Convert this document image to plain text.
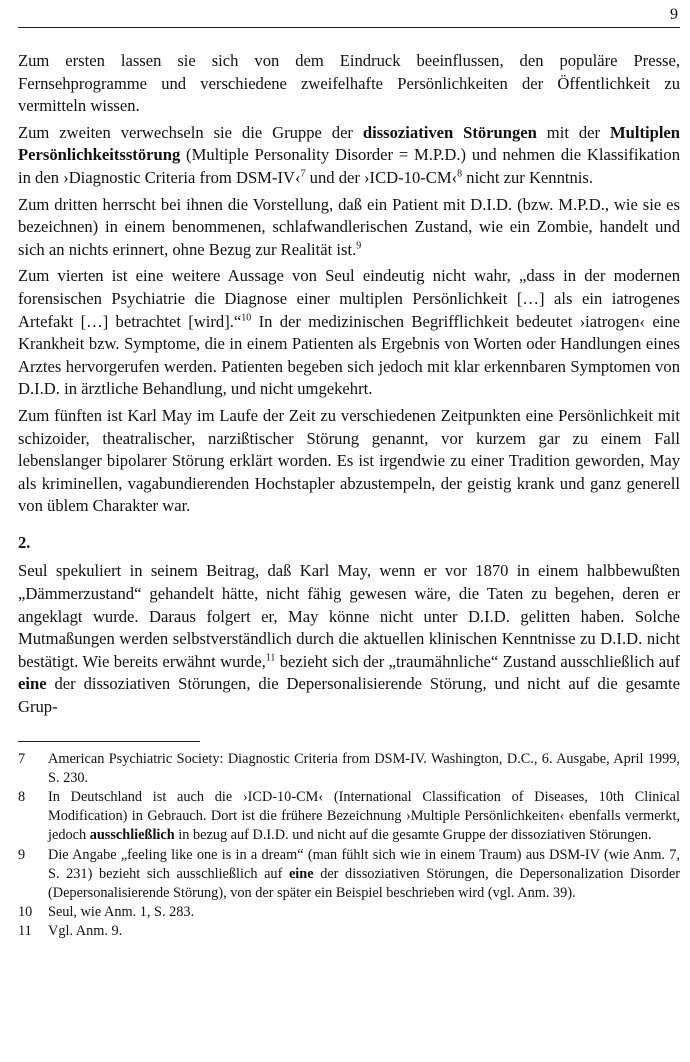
9

Zum ersten lassen sie sich von dem Eindruck beeinflussen, den populäre Presse, Fernsehprogramme und verschiedene zweifelhafte Persönlichkeiten der Öffentlichkeit zu vermitteln wissen.

Zum zweiten verwechseln sie die Gruppe der dissoziativen Störungen mit der Multiplen Persönlichkeitsstörung (Multiple Personality Disorder = M.P.D.) und nehmen die Klassifikation in den ›Diagnostic Criteria from DSM-IV‹$^7$ und der ›ICD-10-CM‹$^8$ nicht zur Kenntnis.

Zum dritten herrscht bei ihnen die Vorstellung, daß ein Patient mit D.I.D. (bzw. M.P.D., wie sie es bezeichnen) in einem benommenen, schlafwandlerischen Zustand, wie ein Zombie, handelt und sich an nichts erinnert, ohne Bezug zur Realität ist.$^9$

Zum vierten ist eine weitere Aussage von Seul eindeutig nicht wahr, „dass in der modernen forensischen Psychiatrie die Diagnose einer multiplen Persönlichkeit […] als ein iatrogenes Artefakt […] betrachtet [wird].“$^{10}$ In der medizinischen Begrifflichkeit bedeutet ›iatrogen‹ eine Krankheit bzw. Symptome, die in einem Patienten als Ergebnis von Worten oder Handlungen eines Arztes hervorgerufen werden. Patienten begeben sich jedoch mit klar erkennbaren Symptomen von D.I.D. in ärztliche Behandlung, und nicht umgekehrt.

Zum fünften ist Karl May im Laufe der Zeit zu verschiedenen Zeitpunkten eine Persönlichkeit mit schizoider, theatralischer, narzißtischer Störung genannt, vor kurzem gar zu einem Fall lebenslanger bipolarer Störung erklärt worden. Es ist irgendwie zu einer Tradition geworden, May als kriminellen, vagabundierenden Hochstapler abzustempeln, der geistig krank und ganz generell von üblem Charakter war.

2.

Seul spekuliert in seinem Beitrag, daß Karl May, wenn er vor 1870 in einem halbbewußten „Dämmerzustand“ gehandelt hätte, nicht fähig gewesen wäre, die Taten zu begehen, deren er angeklagt wurde. Daraus folgert er, May könne nicht unter D.I.D. gelitten haben. Solche Mutmaßungen werden selbstverständlich durch die aktuellen klinischen Kenntnisse zu D.I.D. nicht bestätigt. Wie bereits erwähnt wurde,$^{11}$ bezieht sich der „traumähnliche“ Zustand ausschließlich auf eine der dissoziativen Störungen, die Depersonalisierende Störung, und nicht auf die gesamte Grup-

7	American Psychiatric Society: Diagnostic Criteria from DSM-IV. Washington, D.C., 6. Ausgabe, April 1999, S. 230.
8	In Deutschland ist auch die ›ICD-10-CM‹ (International Classification of Diseases, 10th Clinical Modification) in Gebrauch. Dort ist die frühere Bezeichnung ›Multiple Persönlichkeiten‹ ebenfalls vermerkt, jedoch ausschließlich in bezug auf D.I.D. und nicht auf die gesamte Gruppe der dissoziativen Störungen.
9	Die Angabe „feeling like one is in a dream“ (man fühlt sich wie in einem Traum) aus DSM-IV (wie Anm. 7, S. 231) bezieht sich ausschließlich auf eine der dissoziativen Störungen, die Depersonalization Disorder (Depersonalisierende Störung), von der später ein Beispiel beschrieben wird (vgl. Anm. 39).
10	Seul, wie Anm. 1, S. 283.
11	Vgl. Anm. 9.
